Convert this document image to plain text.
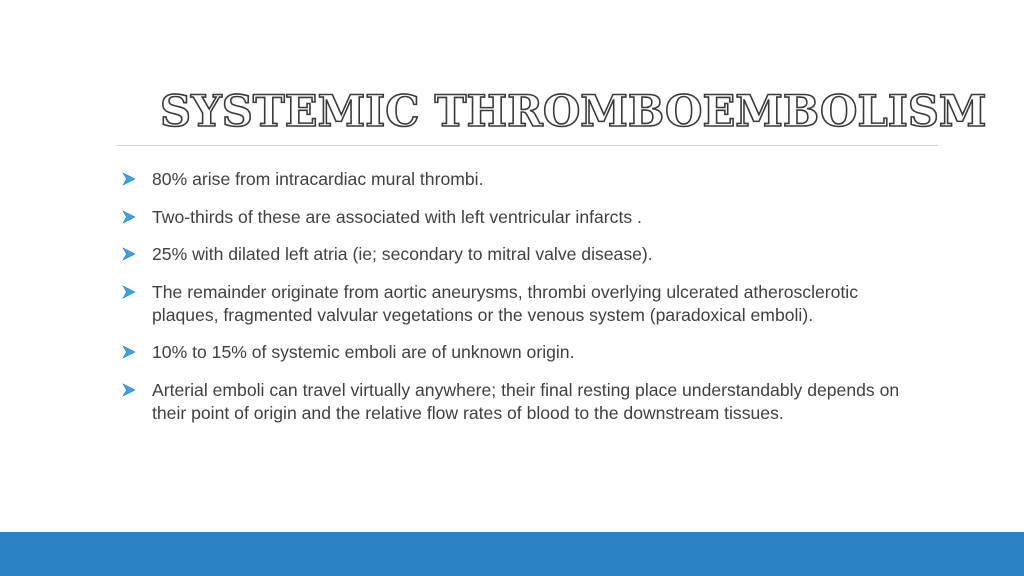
SYSTEMIC THROMBOEMBOLISM
80% arise from intracardiac mural thrombi.
Two-thirds of these are associated with left ventricular infarcts .
25% with dilated left atria (ie; secondary to mitral valve disease).
The remainder originate from aortic aneurysms, thrombi overlying ulcerated atherosclerotic plaques, fragmented valvular vegetations or the venous system (paradoxical emboli).
10% to 15% of systemic emboli are of unknown origin.
Arterial emboli can travel virtually anywhere; their final resting place understandably depends on their point of origin and the relative flow rates of blood to the downstream tissues.
